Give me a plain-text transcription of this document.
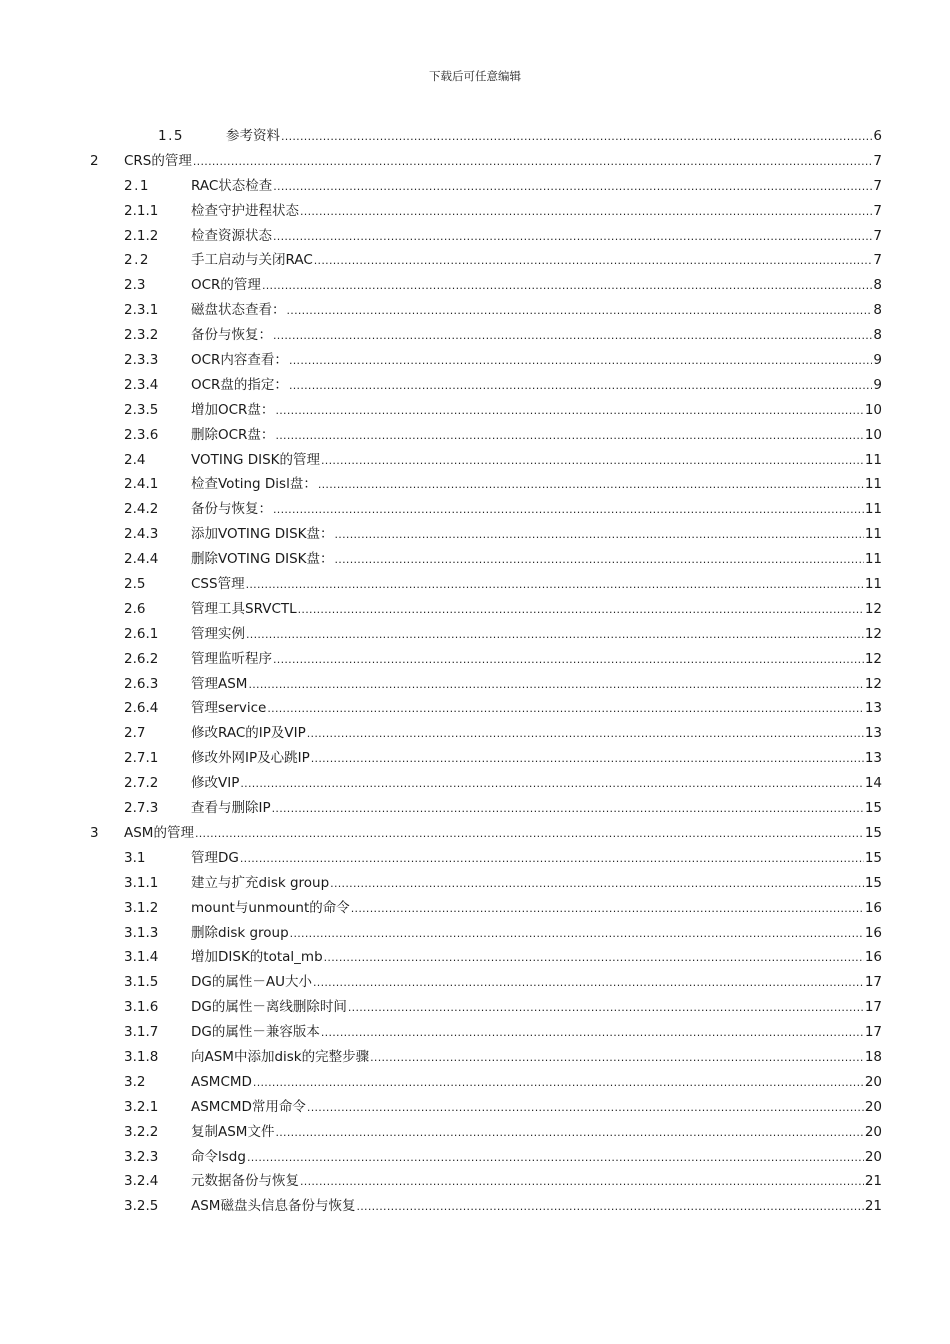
下载后可任意编辑
1.5	参考资料 .....	6
2 CRS的管理 .....	7
2.1	RAC状态检查 .....	7
2.1.1 检查守护进程状态 .....	7
2.1.2 检查资源状态 .....	7
2.2	手工启动与关闭RAC .....	7
2.3	OCR的管理 .....	8
2.3.1 磁盘状态查看： .....	8
2.3.2 备份与恢复： .....	8
2.3.3 OCR内容查看： .....	9
2.3.4 OCR盘的指定： .....	9
2.3.5 增加OCR盘： .....	10
2.3.6 删除OCR盘： .....	10
2.4	VOTING DISK的管理 .....	11
2.4.1 检查Voting Disl盘： .....	11
2.4.2 备份与恢复： .....	11
2.4.3 添加VOTING DISK盘： .....	11
2.4.4 删除VOTING DISK盘： .....	11
2.5	CSS管理 .....	11
2.6	管理工具SRVCTL .....	12
2.6.1 管理实例 .....	12
2.6.2 管理监听程序 .....	12
2.6.3 管理ASM .....	12
2.6.4 管理service .....	13
2.7	修改RAC的IP及VIP .....	13
2.7.1 修改外网IP及心跳IP .....	13
2.7.2 修改VIP .....	14
2.7.3 查看与删除IP .....	15
3 ASM的管理 .....	15
3.1	管理DG .....	15
3.1.1 建立与扩充disk group .....	15
3.1.2 mount与unmount的命令 .....	16
3.1.3 删除disk group .....	16
3.1.4 增加DISK的total_mb .....	16
3.1.5 DG的属性－AU大小 .....	17
3.1.6 DG的属性－离线删除时间 .....	17
3.1.7 DG的属性－兼容版本 .....	17
3.1.8 向ASM中添加disk的完整步骤 .....	18
3.2	ASMCMD .....	20
3.2.1 ASMCMD常用命令 .....	20
3.2.2 复制ASM文件 .....	20
3.2.3 命令lsdg .....	20
3.2.4 元数据备份与恢复 .....	21
3.2.5 ASM磁盘头信息备份与恢复 .....	21
